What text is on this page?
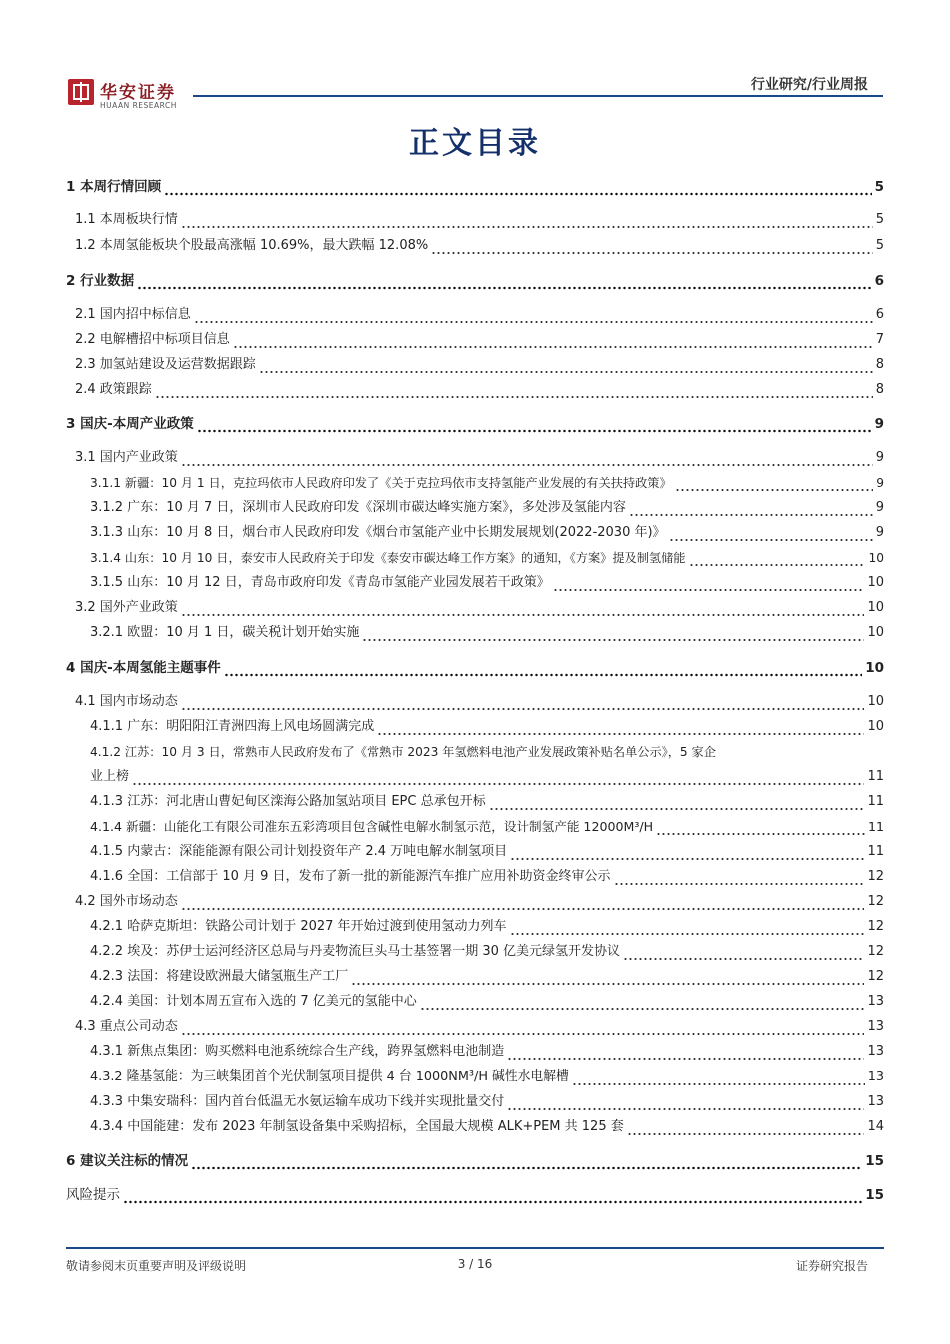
华安证券
HUAAN RESEARCH
行业研究/行业周报
正文目录
1 本周行情回顾	5
1.1 本周板块行情	5
1.2 本周氢能板块个股最高涨幅 10.69%，最大跌幅 12.08%	5
2 行业数据	6
2.1 国内招中标信息	6
2.2 电解槽招中标项目信息	7
2.3 加氢站建设及运营数据跟踪	8
2.4 政策跟踪	8
3 国庆-本周产业政策	9
3.1 国内产业政策	9
3.1.1 新疆：10 月 1 日，克拉玛依市人民政府印发了《关于克拉玛依市支持氢能产业发展的有关扶持政策》	9
3.1.2 广东：10 月 7 日，深圳市人民政府印发《深圳市碳达峰实施方案》，多处涉及氢能内容	9
3.1.3 山东：10 月 8 日，烟台市人民政府印发《烟台市氢能产业中长期发展规划(2022-2030 年)》	9
3.1.4 山东：10 月 10 日，泰安市人民政府关于印发《泰安市碳达峰工作方案》的通知，《方案》提及制氢储能	10
3.1.5 山东：10 月 12 日，青岛市政府印发《青岛市氢能产业园发展若干政策》	10
3.2 国外产业政策	10
3.2.1 欧盟：10 月 1 日，碳关税计划开始实施	10
4 国庆-本周氢能主题事件	10
4.1 国内市场动态	10
4.1.1 广东：明阳阳江青洲四海上风电场圆满完成	10
4.1.2 江苏：10 月 3 日，常熟市人民政府发布了《常熟市 2023 年氢燃料电池产业发展政策补贴名单公示》，5 家企
业上榜	11
4.1.3 江苏：河北唐山曹妃甸区滦海公路加氢站项目 EPC 总承包开标	11
4.1.4 新疆：山能化工有限公司准东五彩湾项目包含碱性电解水制氢示范，设计制氢产能 12000M³/H	11
4.1.5 内蒙古：深能能源有限公司计划投资年产 2.4 万吨电解水制氢项目	11
4.1.6 全国：工信部于 10 月 9 日，发布了新一批的新能源汽车推广应用补助资金终审公示	12
4.2 国外市场动态	12
4.2.1 哈萨克斯坦：铁路公司计划于 2027 年开始过渡到使用氢动力列车	12
4.2.2 埃及：苏伊士运河经济区总局与丹麦物流巨头马士基签署一期 30 亿美元绿氢开发协议	12
4.2.3 法国：将建设欧洲最大储氢瓶生产工厂	12
4.2.4 美国：计划本周五宣布入选的 7 亿美元的氢能中心	13
4.3 重点公司动态	13
4.3.1 新焦点集团：购买燃料电池系统综合生产线，跨界氢燃料电池制造	13
4.3.2 隆基氢能：为三峡集团首个光伏制氢项目提供 4 台 1000NM³/H 碱性水电解槽	13
4.3.3 中集安瑞科：国内首台低温无水氨运输车成功下线并实现批量交付	13
4.3.4 中国能建：发布 2023 年制氢设备集中采购招标，全国最大规模 ALK+PEM 共 125 套	14
6 建议关注标的情况	15
风险提示	15
敬请参阅末页重要声明及评级说明	3 / 16	证券研究报告
